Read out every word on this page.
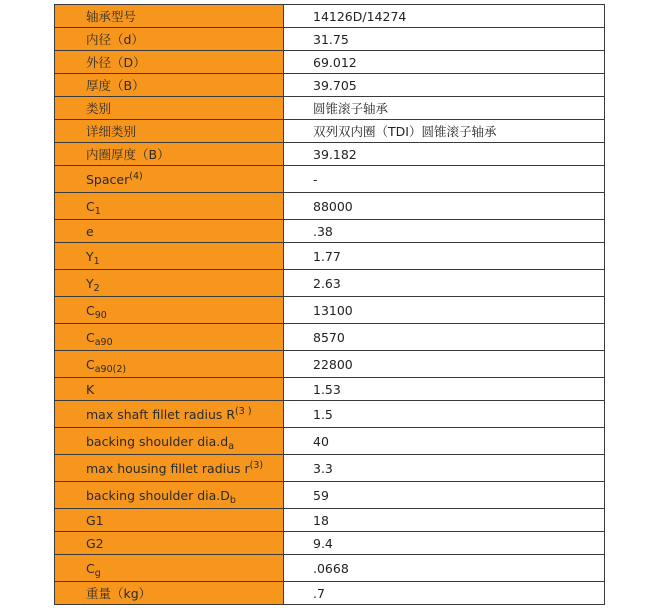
轴承型号	14126D/14274
内径（d）	31.75
外径（D）	69.012
厚度（B）	39.705
类别	圆锥滚子轴承
详细类别	双列双内圈（TDI）圆锥滚子轴承
内圈厚度（B）	39.182
Spacer$^{(4)}$	-
$C_1$	88000
e	.38
$Y_1$	1.77
$Y_2$	2.63
$C_{90}$	13100
$C_{a90}$	8570
$C_{a90(2)}$	22800
K	1.53
max shaft fillet radius $R^{(3 )}$	1.5
backing shoulder $dia.d_a$	40
max housing fillet radius $r^{(3)}$	3.3
backing shoulder $dia.D_b$	59
G1	18
G2	9.4
$C_g$	.0668
重量（kg）	.7
